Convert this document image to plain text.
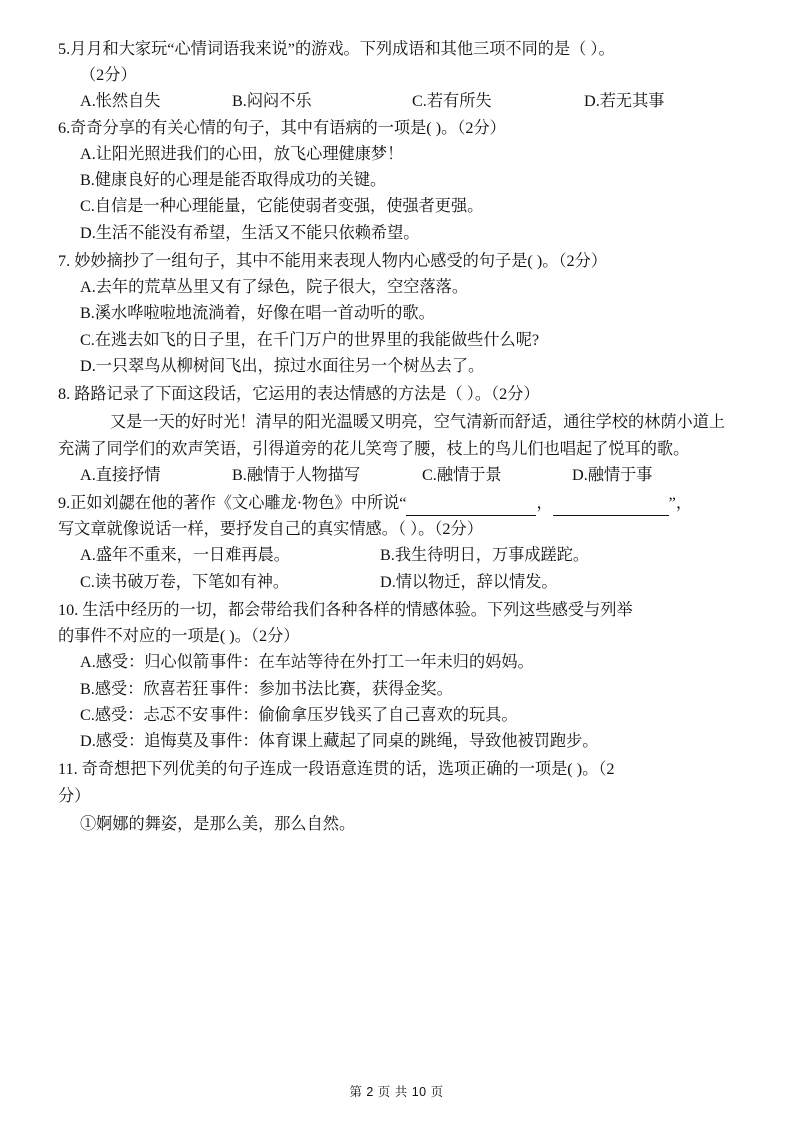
5.月月和大家玩“心情词语我来说”的游戏。下列成语和其他三项不同的是（ ）。
（2分）
A.怅然自失	B.闷闷不乐	C.若有所失	D.若无其事
6.奇奇分享的有关心情的句子，其中有语病的一项是( )。（2分）
A.让阳光照进我们的心田，放飞心理健康梦！
B.健康良好的心理是能否取得成功的关键。
C.自信是一种心理能量，它能使弱者变强，使强者更强。
D.生活不能没有希望，生活又不能只依赖希望。
7. 妙妙摘抄了一组句子，其中不能用来表现人物内心感受的句子是( )。（2分）
A.去年的荒草丛里又有了绿色，院子很大，空空落落。
B.溪水哗啦啦地流淌着，好像在唱一首动听的歌。
C.在逃去如飞的日子里，在千门万户的世界里的我能做些什么呢?
D.一只翠鸟从柳树间飞出，掠过水面往另一个树丛去了。
8. 路路记录了下面这段话，它运用的表达情感的方法是（ ）。（2分）
又是一天的好时光！清早的阳光温暖又明亮，空气清新而舒适，通往学校的林荫小道上充满了同学们的欢声笑语，引得道旁的花儿笑弯了腰，枝上的鸟儿们也唱起了悦耳的歌。
A.直接抒情	B.融情于人物描写	C.融情于景	D.融情于事
9.正如刘勰在他的著作《文心雕龙·物色》中所说“	，	”，
写文章就像说话一样，要抒发自己的真实情感。（ ）。（2分）
A.盛年不重来，一日难再晨。	B.我生待明日，万事成蹉跎。
C.读书破万卷，下笔如有神。	D.情以物迁，辞以情发。
10. 生活中经历的一切，都会带给我们各种各样的情感体验。下列这些感受与列举
的事件不对应的一项是( )。（2分）
A.感受：归心似箭 事件：在车站等待在外打工一年未归的妈妈。
B.感受：欣喜若狂 事件：参加书法比赛，获得金奖。
C.感受：忐忑不安 事件：偷偷拿压岁钱买了自己喜欢的玩具。
D.感受：追悔莫及 事件：体育课上藏起了同桌的跳绳，导致他被罚跑步。
11. 奇奇想把下列优美的句子连成一段语意连贯的话，选项正确的一项是( )。（2
分）
①婀娜的舞姿，是那么美，那么自然。
第 2 页 共 10 页
